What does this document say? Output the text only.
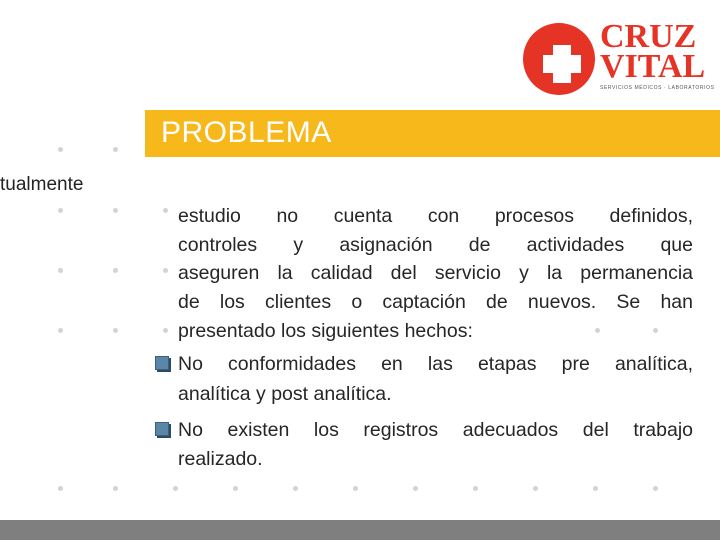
CRUZ
VITAL
SERVICIOS MÉDICOS · LABORATORIOS
PROBLEMA
tualmente
estudio no cuenta con procesos definidos,
controles y asignación de actividades que
aseguren la calidad del servicio y la permanencia
de los clientes o captación de nuevos. Se han
presentado los siguientes hechos:
No conformidades en las etapas pre analítica,
analítica y post analítica.
No existen los registros adecuados del trabajo
realizado.
